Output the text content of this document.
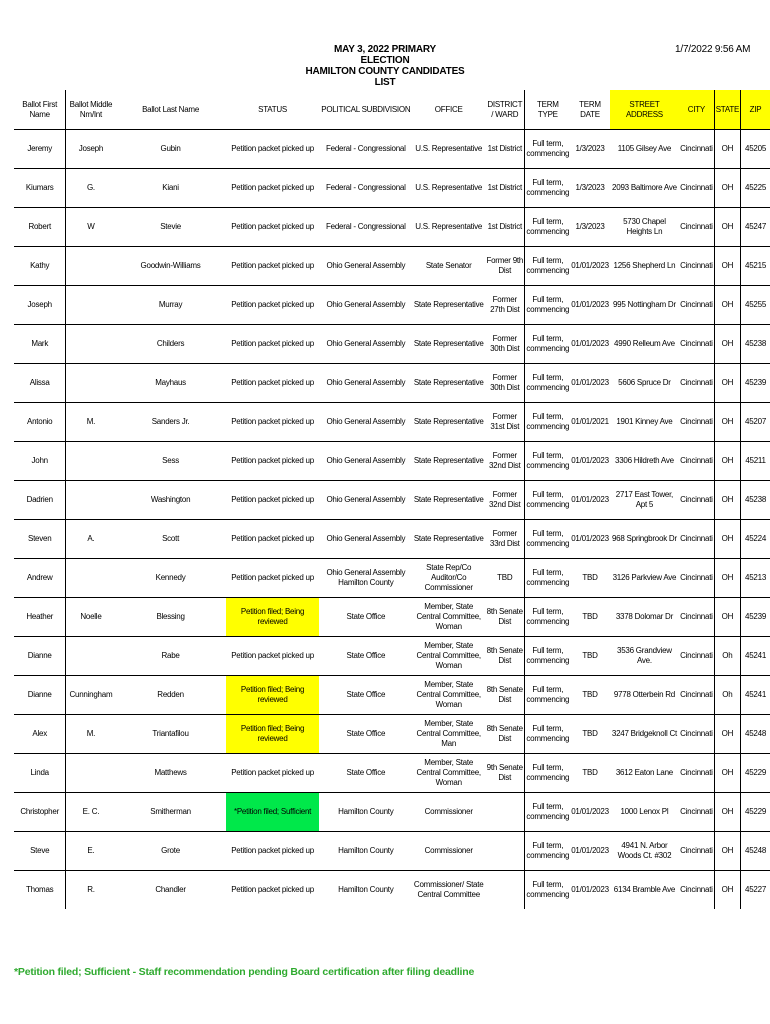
MAY 3, 2022 PRIMARY ELECTION
HAMILTON COUNTY CANDIDATES LIST
1/7/2022 9:56 AM
Ballot First Name	Ballot Middle Nm/Int	Ballot Last Name	STATUS	POLITICAL SUBDIVISION	OFFICE	DISTRICT / WARD	TERM TYPE	TERM DATE	STREET ADDRESS	CITY	STATE	ZIP
Jeremy	Joseph	Gubin	Petition packet picked up	Federal - Congressional	U.S. Representative	1st District	Full term, commencing	1/3/2023	1105 Gilsey Ave	Cincinnati	OH	45205
Kiumars	G.	Kiani	Petition packet picked up	Federal - Congressional	U.S. Representative	1st District	Full term, commencing	1/3/2023	2093 Baltimore Ave	Cincinnati	OH	45225
Robert	W	Stevie	Petition packet picked up	Federal - Congressional	U.S. Representative	1st District	Full term, commencing	1/3/2023	5730 Chapel Heights Ln	Cincinnati	OH	45247
Kathy		Goodwin-Williams	Petition packet picked up	Ohio General Assembly	State Senator	Former 9th Dist	Full term, commencing	01/01/2023	1256 Shepherd Ln	Cincinnati	OH	45215
Joseph		Murray	Petition packet picked up	Ohio General Assembly	State Representative	Former 27th Dist	Full term, commencing	01/01/2023	995 Nottingham Dr	Cincinnati	OH	45255
Mark		Childers	Petition packet picked up	Ohio General Assembly	State Representative	Former 30th Dist	Full term, commencing	01/01/2023	4990 Relleum Ave	Cincinnati	OH	45238
Alissa		Mayhaus	Petition packet picked up	Ohio General Assembly	State Representative	Former 30th Dist	Full term, commencing	01/01/2023	5606 Spruce Dr	Cincinnati	OH	45239
Antonio	M.	Sanders Jr.	Petition packet picked up	Ohio General Assembly	State Representative	Former 31st Dist	Full term, commencing	01/01/2021	1901 Kinney Ave	Cincinnati	OH	45207
John		Sess	Petition packet picked up	Ohio General Assembly	State Representative	Former 32nd Dist	Full term, commencing	01/01/2023	3306 Hildreth Ave	Cincinnati	OH	45211
Dadrien		Washington	Petition packet picked up	Ohio General Assembly	State Representative	Former 32nd Dist	Full term, commencing	01/01/2023	2717 East Tower, Apt 5	Cincinnati	OH	45238
Steven	A.	Scott	Petition packet picked up	Ohio General Assembly	State Representative	Former 33rd Dist	Full term, commencing	01/01/2023	968 Springbrook Dr	Cincinnati	OH	45224
Andrew		Kennedy	Petition packet picked up	Ohio General Assembly Hamilton County	State Rep/Co Auditor/Co Commissioner	TBD	Full term, commencing	TBD	3126 Parkview Ave	Cincinnati	OH	45213
Heather	Noelle	Blessing	Petition filed; Being reviewed	State Office	Member, State Central Committee, Woman	8th Senate Dist	Full term, commencing	TBD	3378 Dolomar Dr	Cincinnati	OH	45239
Dianne		Rabe	Petition packet picked up	State Office	Member, State Central Committee, Woman	8th Senate Dist	Full term, commencing	TBD	3536 Grandview Ave.	Cincinnati	Oh	45241
Dianne	Cunningham	Redden	Petition filed; Being reviewed	State Office	Member, State Central Committee, Woman	8th Senate Dist	Full term, commencing	TBD	9778 Otterbein Rd	Cincinnati	Oh	45241
Alex	M.	Triantafilou	Petition filed; Being reviewed	State Office	Member, State Central Committee, Man	8th Senate Dist	Full term, commencing	TBD	3247 Bridgeknoll Ct	Cincinnati	OH	45248
Linda		Matthews	Petition packet picked up	State Office	Member, State Central Committee, Woman	9th Senate Dist	Full term, commencing	TBD	3612 Eaton Lane	Cincinnati	OH	45229
Christopher	E. C.	Smitherman	*Petition filed; Sufficient	Hamilton County	Commissioner		Full term, commencing	01/01/2023	1000 Lenox Pl	Cincinnati	OH	45229
Steve	E.	Grote	Petition packet picked up	Hamilton County	Commissioner		Full term, commencing	01/01/2023	4941 N. Arbor Woods Ct. #302	Cincinnati	OH	45248
Thomas	R.	Chandler	Petition packet picked up	Hamilton County	Commissioner/ State Central Committee		Full term, commencing	01/01/2023	6134 Bramble Ave	Cincinnati	OH	45227
*Petition filed; Sufficient - Staff recommendation pending Board certification after filing deadline
